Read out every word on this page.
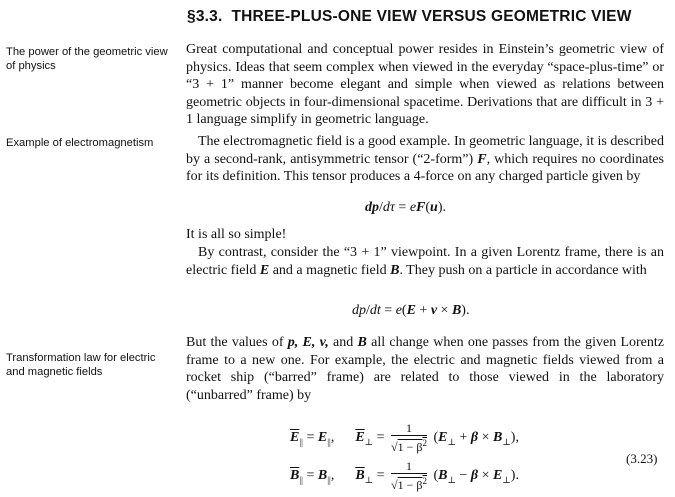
§3.3. THREE-PLUS-ONE VIEW VERSUS GEOMETRIC VIEW
The power of the geometric view of physics
Example of electromagnetism
Transformation law for electric and magnetic fields
Great computational and conceptual power resides in Einstein’s geometric view of physics. Ideas that seem complex when viewed in the everyday “space-plus-time” or “3 + 1” manner become elegant and simple when viewed as relations between geometric objects in four-dimensional spacetime. Derivations that are difficult in 3 + 1 language simplify in geometric language.
The electromagnetic field is a good example. In geometric language, it is described by a second-rank, antisymmetric tensor (“2-form”) F, which requires no coordinates for its definition. This tensor produces a 4-force on any charged particle given by
dp/dτ = eF(u).
It is all so simple!
By contrast, consider the “3 + 1” viewpoint. In a given Lorentz frame, there is an electric field E and a magnetic field B. They push on a particle in accordance with
dp/dt = e(E + v × B).
But the values of p, E, v, and B all change when one passes from the given Lorentz frame to a new one. For example, the electric and magnetic fields viewed from a rocket ship (“barred” frame) are related to those viewed in the laboratory (“unbarred” frame) by
$\overline{E}_{||} = E_{||}$,      $\overline{E}_\perp = \frac{1}{√1 - \beta^2} (E_\perp + \beta \times B_\perp)$,
$\overline{B}_{||} = B_{||}$,      $\overline{B}_\perp = \frac{1}{√1 - \beta^2} (B_\perp - \beta \times E_\perp)$.
(3.23)
